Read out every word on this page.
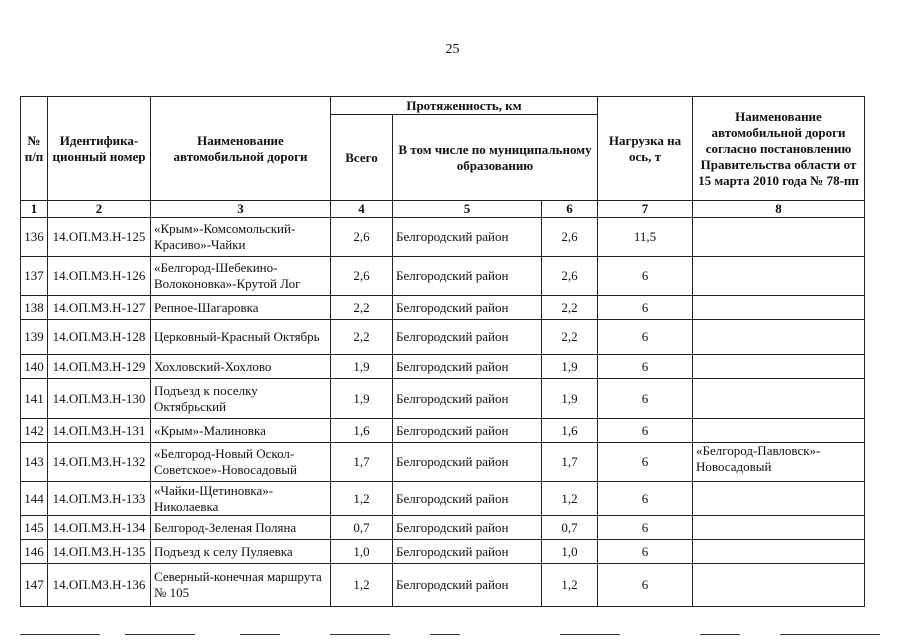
25
№ п/п	Идентифика-ционный номер	Наименование автомобильной дороги	Протяженность, км			Нагрузка на ось, т	Наименование автомобильной дороги согласно постановлению Правительства области от 15 марта 2010 года № 78-пп
			Всего	В том числе по муниципальному образованию			
1	2	3	4	5	6	7	8
136	14.ОП.МЗ.Н-125	«Крым»-Комсомольский-Красиво»-Чайки	2,6	Белгородский район	2,6	11,5	
137	14.ОП.МЗ.Н-126	«Белгород-Шебекино-Волоконовка»-Крутой Лог	2,6	Белгородский район	2,6	6	
138	14.ОП.МЗ.Н-127	Репное-Шагаровка	2,2	Белгородский район	2,2	6	
139	14.ОП.МЗ.Н-128	Церковный-Красный Октябрь	2,2	Белгородский район	2,2	6	
140	14.ОП.МЗ.Н-129	Хохловский-Хохлово	1,9	Белгородский район	1,9	6	
141	14.ОП.МЗ.Н-130	Подъезд к поселку Октябрьский	1,9	Белгородский район	1,9	6	
142	14.ОП.МЗ.Н-131	«Крым»-Малиновка	1,6	Белгородский район	1,6	6	
143	14.ОП.МЗ.Н-132	«Белгород-Новый Оскол-Советское»-Новосадовый	1,7	Белгородский район	1,7	6	«Белгород-Павловск»-Новосадовый
144	14.ОП.МЗ.Н-133	«Чайки-Щетиновка»-Николаевка	1,2	Белгородский район	1,2	6	
145	14.ОП.МЗ.Н-134	Белгород-Зеленая Поляна	0,7	Белгородский район	0,7	6	
146	14.ОП.МЗ.Н-135	Подъезд к селу Пуляевка	1,0	Белгородский район	1,0	6	
147	14.ОП.МЗ.Н-136	Северный-конечная маршрута № 105	1,2	Белгородский район	1,2	6	
